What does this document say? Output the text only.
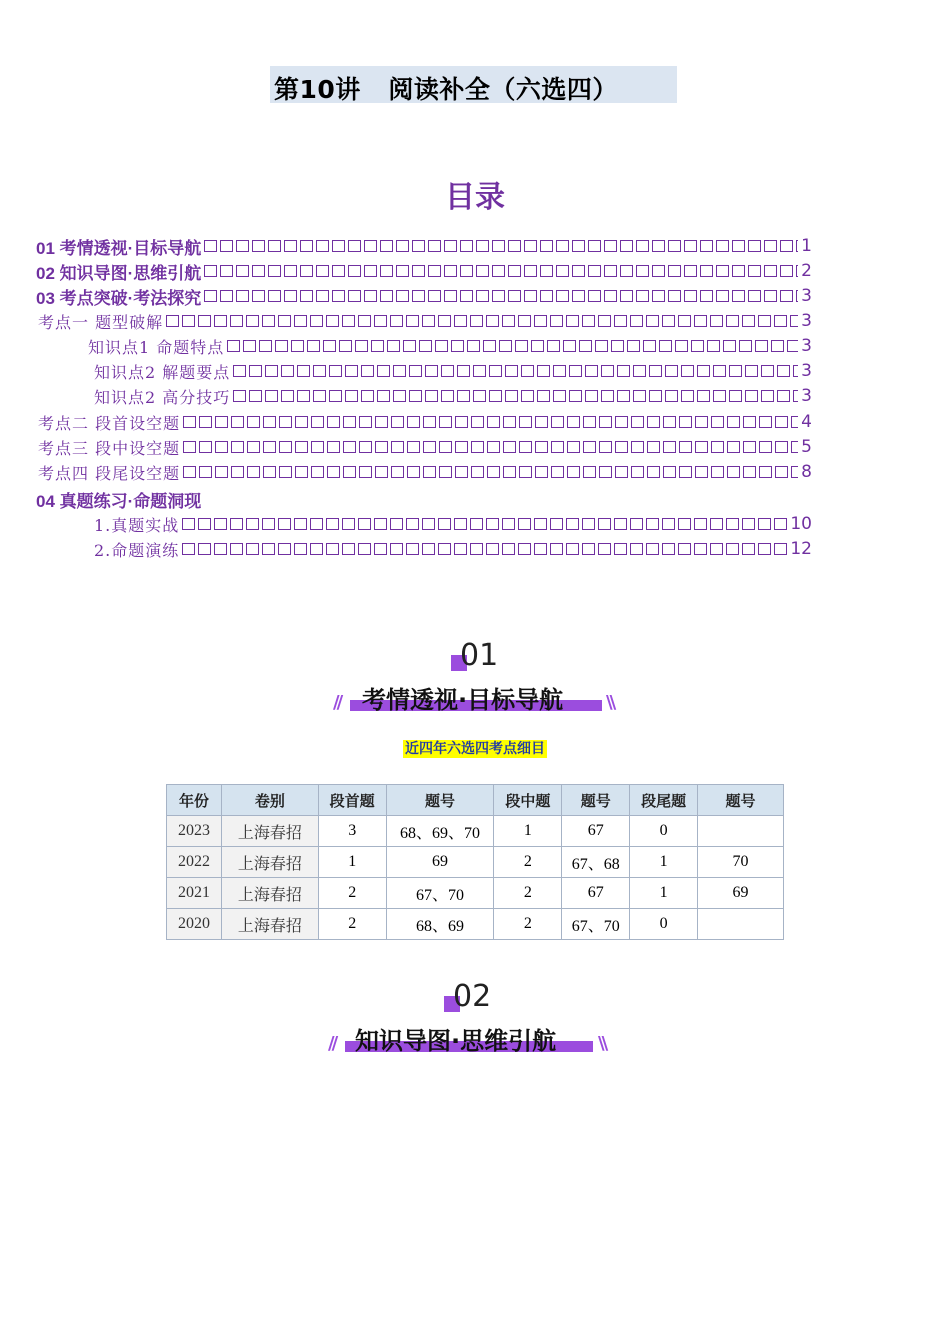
第10讲   阅读补全（六选四）
目录
01 考情透视·目标导航	1
02 知识导图·思维引航	2
03 考点突破·考法探究	3
考点一 题型破解	3
知识点1 命题特点	3
知识点2 解题要点	3
知识点2 高分技巧	3
考点二 段首设空题	4
考点三 段中设空题	5
考点四 段尾设空题	8
04 真题练习·命题洞现
1.真题实战	10
2.命题演练	12
01
//	\\
考情透视·目标导航
近四年六选四考点细目
年份	卷别	段首题	题号	段中题	题号	段尾题	题号
2023	上海春招	3	68、69、70	1	67	0	
2022	上海春招	1	69	2	67、68	1	70
2021	上海春招	2	67、70	2	67	1	69
2020	上海春招	2	68、69	2	67、70	0	
02
//	\\
知识导图·思维引航
